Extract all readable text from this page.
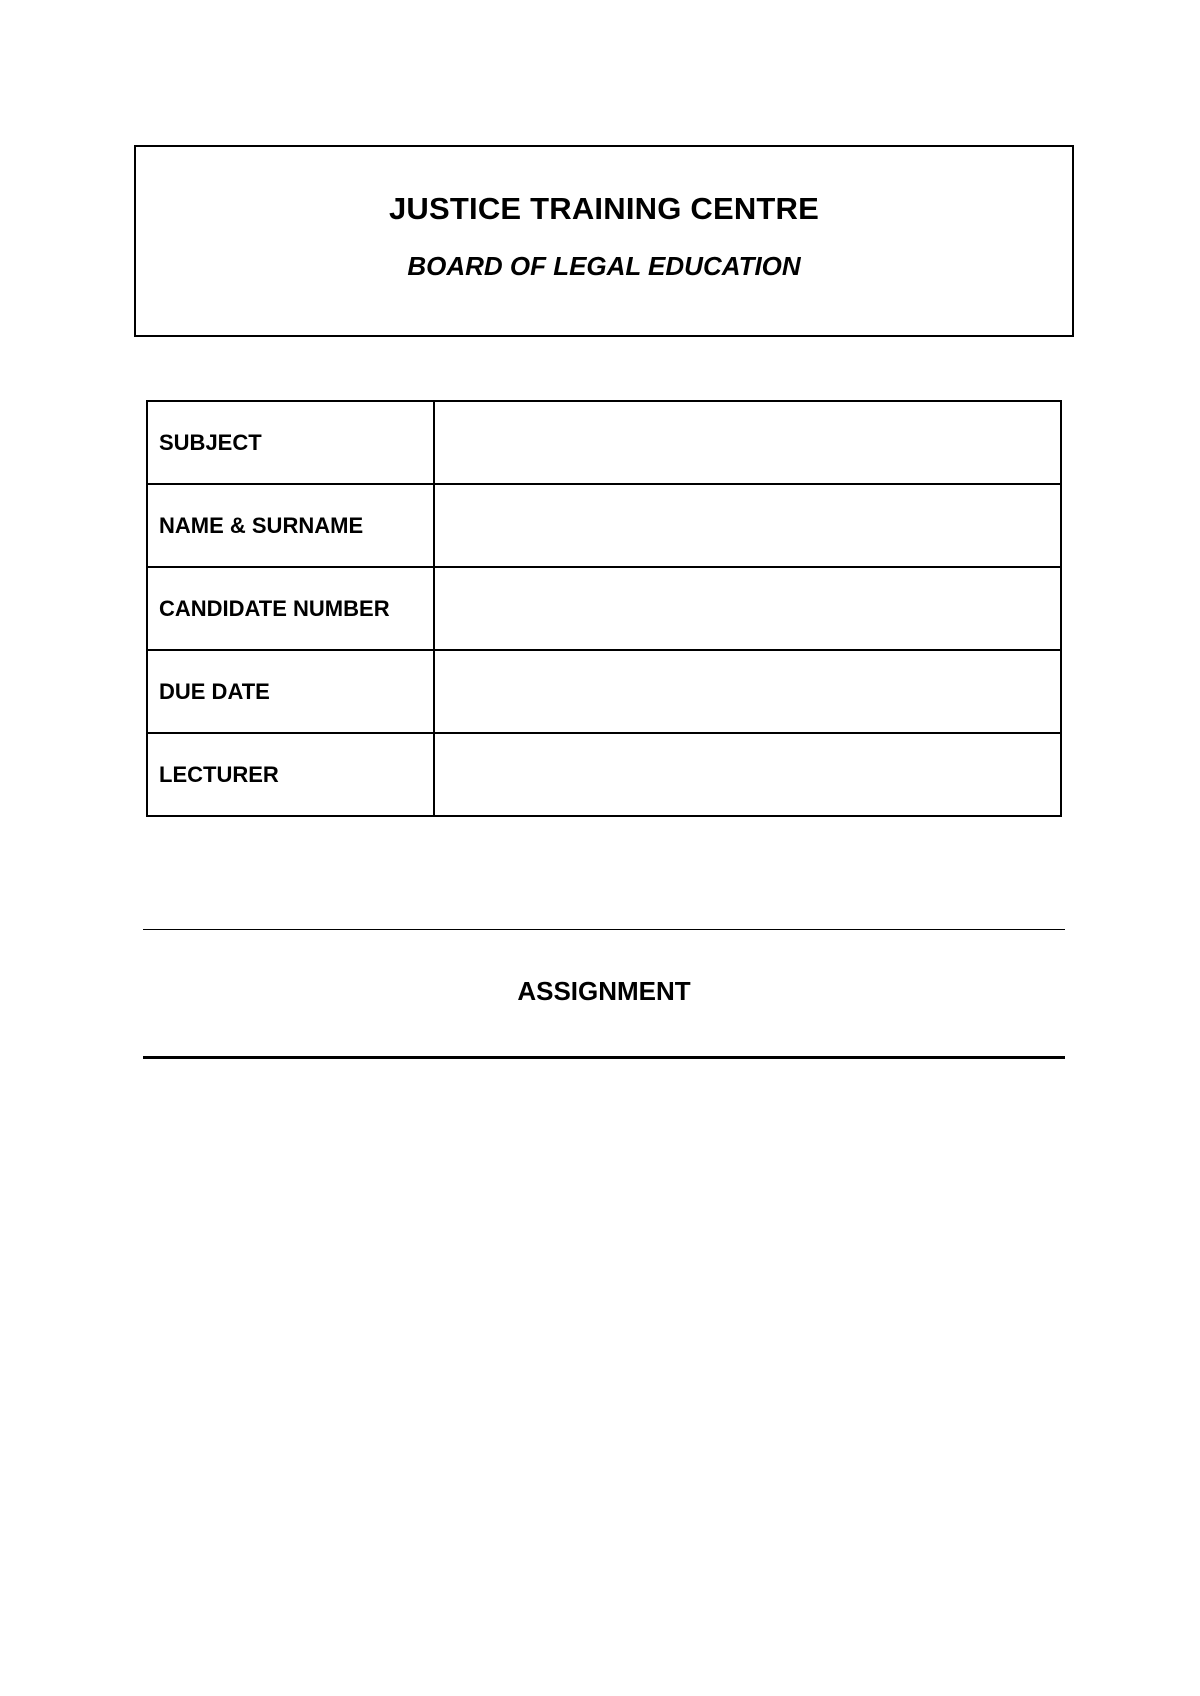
JUSTICE TRAINING CENTRE
BOARD OF LEGAL EDUCATION
SUBJECT	
NAME & SURNAME	
CANDIDATE NUMBER	
DUE DATE	
LECTURER	
ASSIGNMENT
